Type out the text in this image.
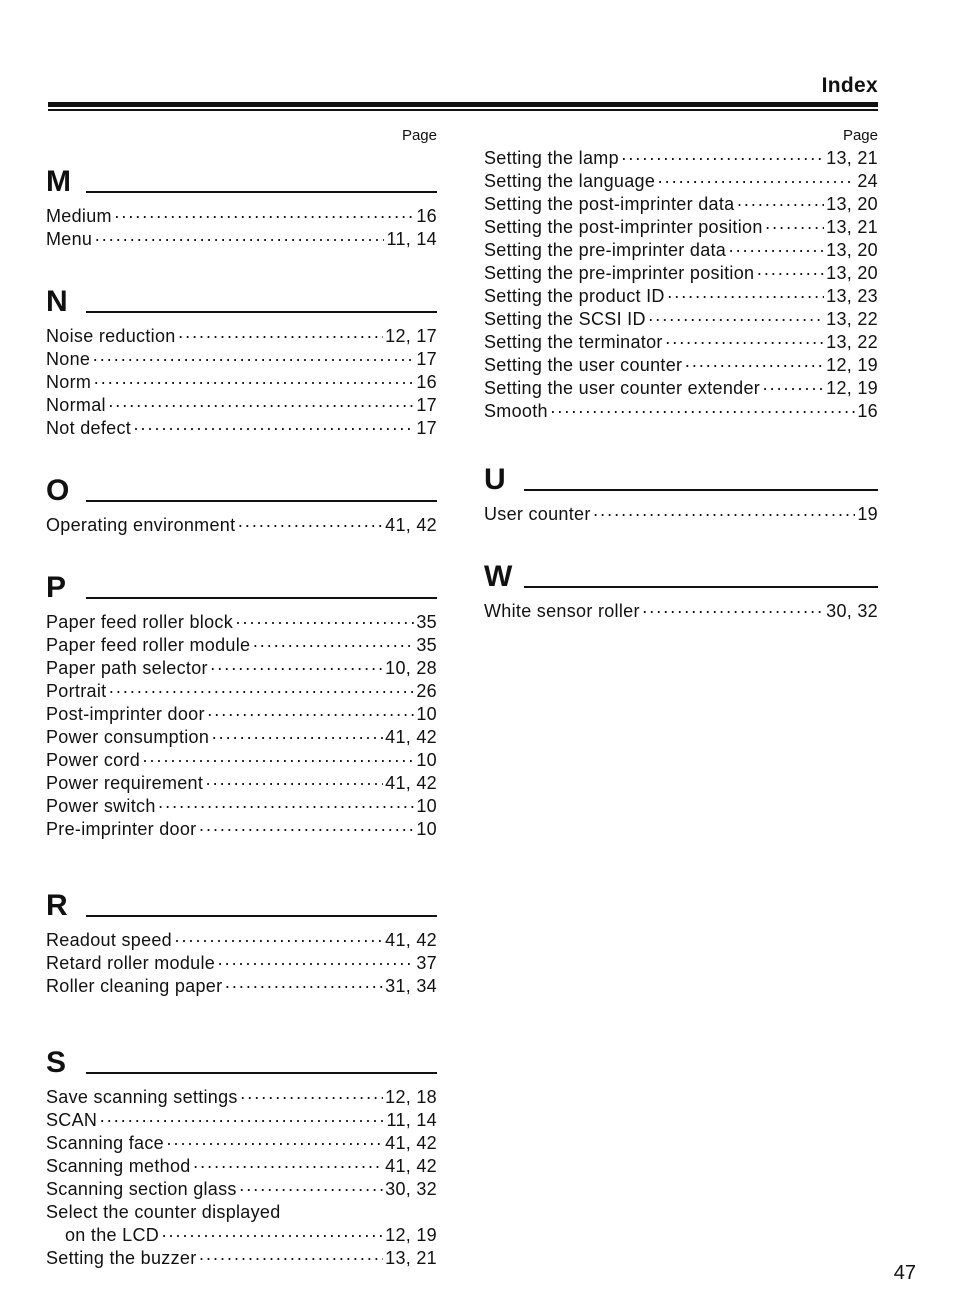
Index
Page
M
Medium ·····	16
Menu ·····	11, 14
N
Noise reduction ·····	12, 17
None ·····	17
Norm ·····	16
Normal ·····	17
Not defect ·····	17
O
Operating environment ·····	41, 42
P
Paper feed roller block ·····	35
Paper feed roller module ·····	35
Paper path selector ·····	10, 28
Portrait ·····	26
Post-imprinter door ·····	10
Power consumption ·····	41, 42
Power cord ·····	10
Power requirement ·····	41, 42
Power switch ·····	10
Pre-imprinter door ·····	10
R
Readout speed ·····	41, 42
Retard roller module ·····	37
Roller cleaning paper ·····	31, 34
S
Save scanning settings ·····	12, 18
SCAN ·····	11, 14
Scanning face ·····	41, 42
Scanning method ·····	41, 42
Scanning section glass ·····	30, 32
Select the counter displayed
on the LCD ·····	12, 19
Setting the buzzer ·····	13, 21
Page
Setting the lamp ·····	13, 21
Setting the language ·····	24
Setting the post-imprinter data ·····	13, 20
Setting the post-imprinter position ·····	13, 21
Setting the pre-imprinter data ·····	13, 20
Setting the pre-imprinter position ·····	13, 20
Setting the product ID ·····	13, 23
Setting the SCSI ID ·····	13, 22
Setting the terminator ·····	13, 22
Setting the user counter ·····	12, 19
Setting the user counter extender ·····	12, 19
Smooth ·····	16
U
User counter ·····	19
W
White sensor roller ·····	30, 32
47
